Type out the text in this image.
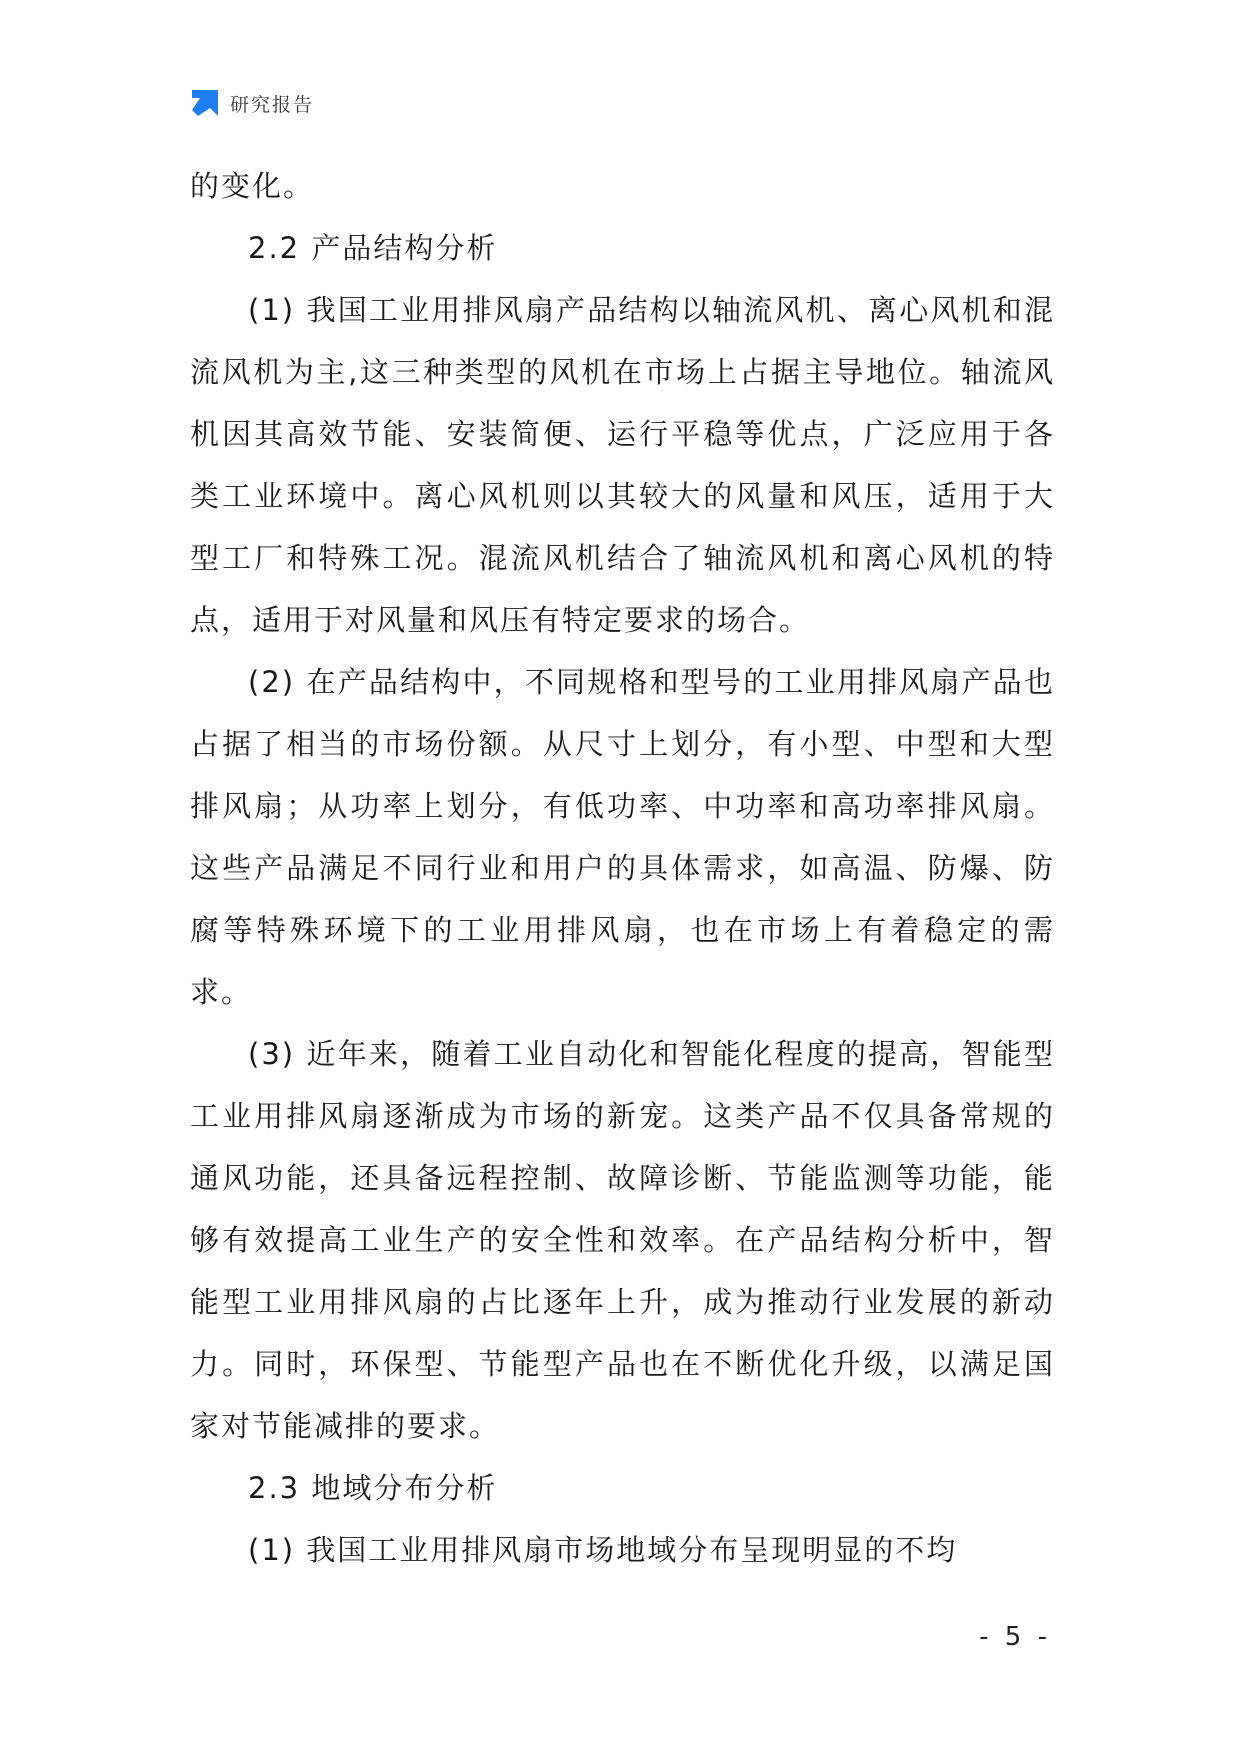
研究报告

的变化。

2.2 产品结构分析

(1) 我国工业用排风扇产品结构以轴流风机、离心风机和混流风机为主,这三种类型的风机在市场上占据主导地位。轴流风机因其高效节能、安装简便、运行平稳等优点，广泛应用于各类工业环境中。离心风机则以其较大的风量和风压，适用于大型工厂和特殊工况。混流风机结合了轴流风机和离心风机的特点，适用于对风量和风压有特定要求的场合。

(2) 在产品结构中，不同规格和型号的工业用排风扇产品也占据了相当的市场份额。从尺寸上划分，有小型、中型和大型排风扇；从功率上划分，有低功率、中功率和高功率排风扇。这些产品满足不同行业和用户的具体需求，如高温、防爆、防腐等特殊环境下的工业用排风扇，也在市场上有着稳定的需求。

(3) 近年来，随着工业自动化和智能化程度的提高，智能型工业用排风扇逐渐成为市场的新宠。这类产品不仅具备常规的通风功能，还具备远程控制、故障诊断、节能监测等功能，能够有效提高工业生产的安全性和效率。在产品结构分析中，智能型工业用排风扇的占比逐年上升，成为推动行业发展的新动力。同时，环保型、节能型产品也在不断优化升级，以满足国家对节能减排的要求。

2.3 地域分布分析

(1) 我国工业用排风扇市场地域分布呈现明显的不均

- 5 -
